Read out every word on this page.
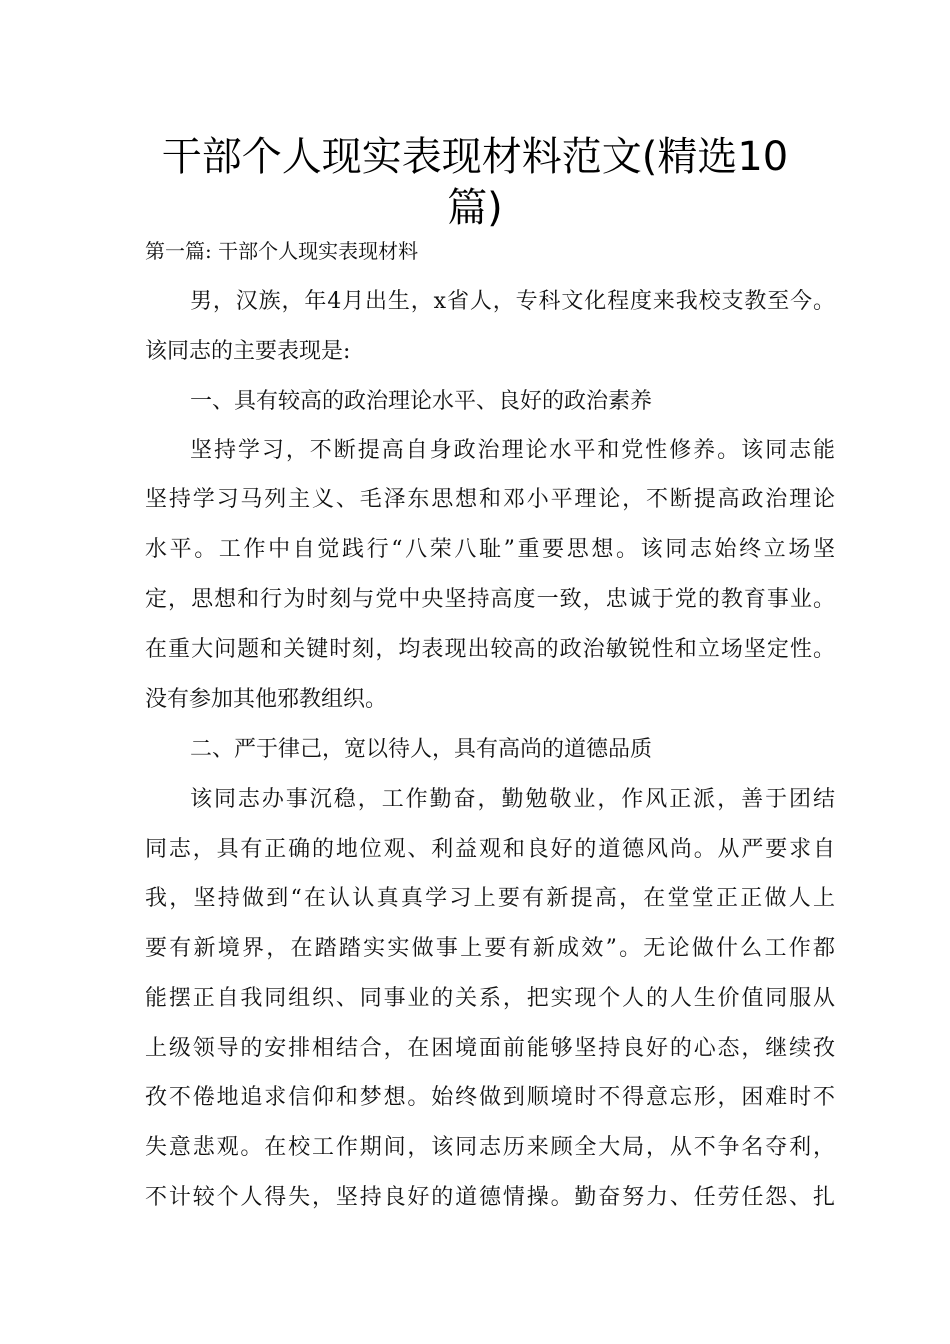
干部个人现实表现材料范文(精选10
篇)
第一篇: 干部个人现实表现材料
男，汉族，年4月出生，x省人，专科文化程度来我校支教至今。
该同志的主要表现是:
一、具有较高的政治理论水平、良好的政治素养
坚持学习，不断提高自身政治理论水平和党性修养。该同志能
坚持学习马列主义、毛泽东思想和邓小平理论，不断提高政治理论
水平。工作中自觉践行“八荣八耻”重要思想。该同志始终立场坚
定，思想和行为时刻与党中央坚持高度一致，忠诚于党的教育事业。
在重大问题和关键时刻，均表现出较高的政治敏锐性和立场坚定性。
没有参加其他邪教组织。
二、严于律己，宽以待人，具有高尚的道德品质
该同志办事沉稳，工作勤奋，勤勉敬业，作风正派，善于团结
同志，具有正确的地位观、利益观和良好的道德风尚。从严要求自
我，坚持做到“在认认真真学习上要有新提高，在堂堂正正做人上
要有新境界，在踏踏实实做事上要有新成效”。无论做什么工作都
能摆正自我同组织、同事业的关系，把实现个人的人生价值同服从
上级领导的安排相结合，在困境面前能够坚持良好的心态，继续孜
孜不倦地追求信仰和梦想。始终做到顺境时不得意忘形，困难时不
失意悲观。在校工作期间，该同志历来顾全大局，从不争名夺利，
不计较个人得失，坚持良好的道德情操。勤奋努力、任劳任怨、扎
